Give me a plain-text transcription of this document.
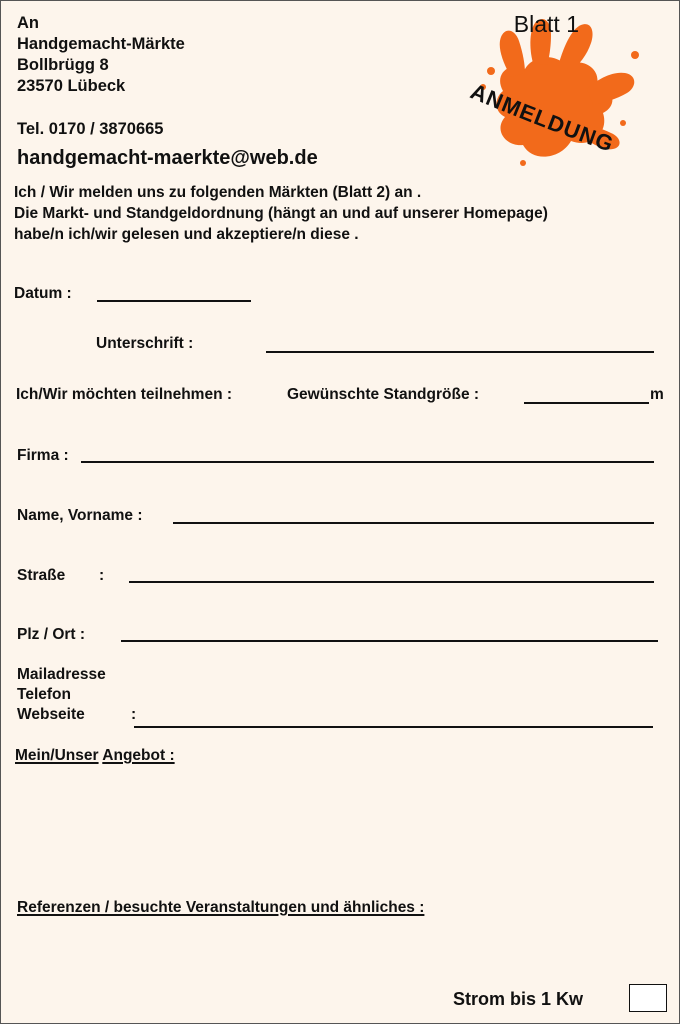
An
Handgemacht-Märkte
Bollbrügg 8
23570 Lübeck
Tel. 0170 / 3870665
handgemacht-maerkte@web.de
ANMELDUNG
Blatt 1
Ich / Wir melden uns zu folgenden Märkten (Blatt 2) an .
Die Markt- und Standgeldordnung (hängt an und auf unserer Homepage)
habe/n ich/wir gelesen und akzeptiere/n diese .
Datum :
Unterschrift :
Ich/Wir möchten teilnehmen :	Gewünschte Standgröße :	m
Firma :
Name, Vorname :
Straße :
Plz / Ort :
Mailadresse
Telefon
Webseite	:
Mein/Unser Angebot :
Referenzen / besuchte Veranstaltungen und ähnliches :
Strom bis 1 Kw
